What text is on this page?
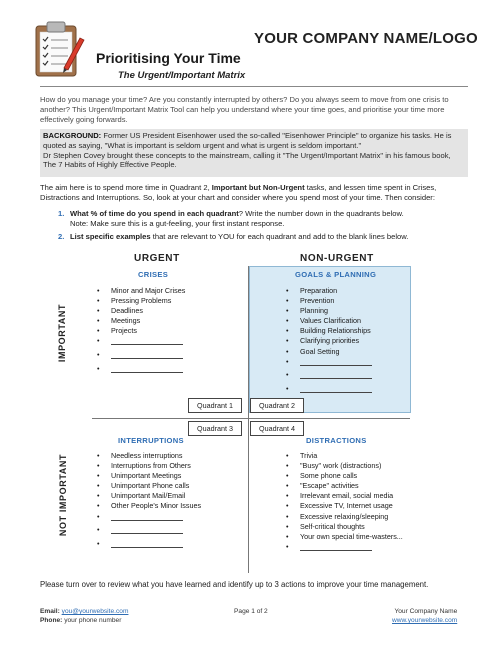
Prioritising Your Time
The Urgent/Important Matrix
YOUR COMPANY NAME/LOGO
How do you manage your time? Are you constantly interrupted by others? Do you always seem to move from one crisis to another? This Urgent/Important Matrix Tool can help you understand where your time goes, and prioritise your time more effectively going forwards.
BACKGROUND: Former US President Eisenhower used the so-called "Eisenhower Principle" to organize his tasks. He is quoted as saying, "What is important is seldom urgent and what is urgent is seldom important."
Dr Stephen Covey brought these concepts to the mainstream, calling it "The Urgent/Important Matrix" in his famous book, The 7 Habits of Highly Effective People.
The aim here is to spend more time in Quadrant 2, Important but Non-Urgent tasks, and lessen time spent in Crises, Distractions and Interruptions. So, look at your chart and consider where you spend most of your time. Then consider:
1. What % of time do you spend in each quadrant? Write the number down in the quadrants below.
Note: Make sure this is a gut-feeling, your first instant response.
2. List specific examples that are relevant to YOU for each quadrant and add to the blank lines below.
URGENT	NON-URGENT
IMPORTANT
NOT IMPORTANT
CRISES	GOALS & PLANNING
INTERRUPTIONS	DISTRACTIONS
• Minor and Major Crises
• Pressing Problems
• Deadlines
• Meetings
• Projects
•
•
•
• Preparation
• Prevention
• Planning
• Values Clarification
• Building Relationships
• Clarifying priorities
• Goal Setting
•
•
•
• Needless interruptions
• Interruptions from Others
• Unimportant Meetings
• Unimportant Phone calls
• Unimportant Mail/Email
• Other People's Minor Issues
•
•
•
• Trivia
• "Busy" work (distractions)
• Some phone calls
• "Escape" activities
• Irrelevant email, social media
• Excessive TV, Internet usage
• Excessive relaxing/sleeping
• Self-critical thoughts
• Your own special time-wasters...
•
Quadrant 1	Quadrant 2
Quadrant 3	Quadrant 4
Please turn over to review what you have learned and identify up to 3 actions to improve your time management.
Email: you@yourwebsite.com
Phone: your phone number
Page 1 of 2	Your Company Name
www.yourwebsite.com
